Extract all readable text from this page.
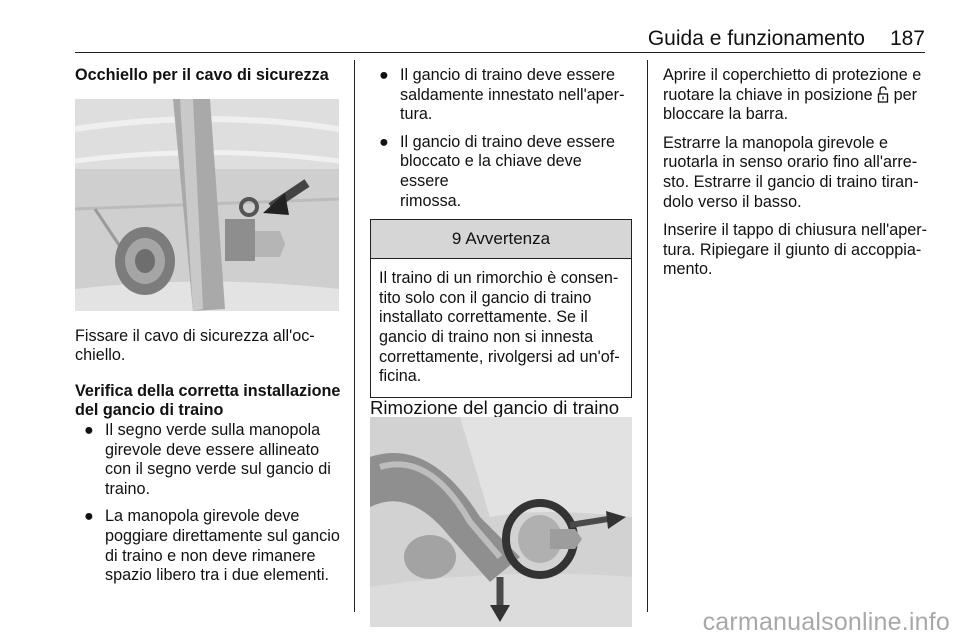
Guida e funzionamento 187

Occhiello per il cavo di sicurezza

Fissare il cavo di sicurezza all'oc-

chiello.

Verifica della corretta installazione

del gancio di traino

● Il segno verde sulla manopola
girevole deve essere allineato
con il segno verde sul gancio di
traino.
● La manopola girevole deve
poggiare direttamente sul gancio
di traino e non deve rimanere
spazio libero tra i due elementi.
● Il gancio di traino deve essere
saldamente innestato nell'aper-
tura.
● Il gancio di traino deve essere
bloccato e la chiave deve essere
rimossa.
9 Avvertenza
Il traino di un rimorchio è consen-
tito solo con il gancio di traino
installato correttamente. Se il
gancio di traino non si innesta
correttamente, rivolgersi ad un'of-
ficina.

Rimozione del gancio di traino

Aprire il coperchietto di protezione e

ruotare la chiave in posizione  per

bloccare la barra.

Estrarre la manopola girevole e

ruotarla in senso orario fino all'arre-

sto. Estrarre il gancio di traino tiran-

dolo verso il basso.

Inserire il tappo di chiusura nell'aper-

tura. Ripiegare il giunto di accoppia-

mento.

carmanualsonline.info
